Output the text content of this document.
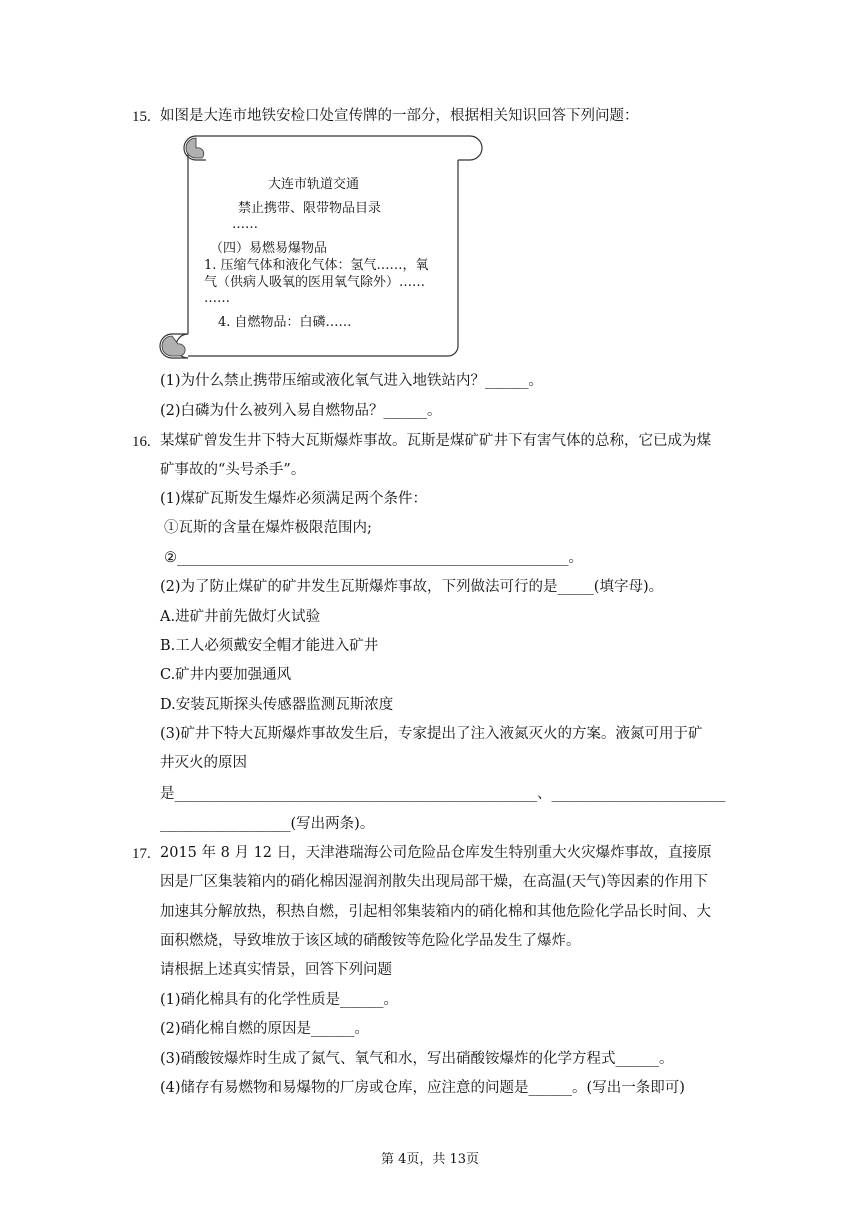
15. 如图是大连市地铁安检口处宣传牌的一部分，根据相关知识回答下列问题：
大连市轨道交通
禁止携带、限带物品目录
……
（四）易燃易爆物品
1. 压缩气体和液化气体：氢气……，氧
气（供病人吸氧的医用氧气除外）……
……
4. 自燃物品：白磷……
(1)为什么禁止携带压缩或液化氧气进入地铁站内？______。
(2)白磷为什么被列入易自燃物品？______。
16. 某煤矿曾发生井下特大瓦斯爆炸事故。瓦斯是煤矿矿井下有害气体的总称，它已成为煤
矿事故的“头号杀手”。
(1)煤矿瓦斯发生爆炸必须满足两个条件：
①瓦斯的含量在爆炸极限范围内;
②______________________________________________________。
(2)为了防止煤矿的矿井发生瓦斯爆炸事故，下列做法可行的是_____(填字母)。
A.进矿井前先做灯火试验
B.工人必须戴安全帽才能进入矿井
C.矿井内要加强通风
D.安装瓦斯探头传感器监测瓦斯浓度
(3)矿井下特大瓦斯爆炸事故发生后，专家提出了注入液氮灭火的方案。液氮可用于矿
井灭火的原因
是__________________________________________________、________________________
__________________(写出两条)。
17. 2015 年 8 月 12 日，天津港瑞海公司危险品仓库发生特别重大火灾爆炸事故，直接原
因是厂区集装箱内的硝化棉因湿润剂散失出现局部干燥，在高温(天气)等因素的作用下
加速其分解放热，积热自燃，引起相邻集装箱内的硝化棉和其他危险化学品长时间、大
面积燃烧，导致堆放于该区域的硝酸铵等危险化学品发生了爆炸。
请根据上述真实情景，回答下列问题
(1)硝化棉具有的化学性质是______。
(2)硝化棉自燃的原因是______。
(3)硝酸铵爆炸时生成了氮气、氧气和水，写出硝酸铵爆炸的化学方程式______。
(4)储存有易燃物和易爆物的厂房或仓库，应注意的问题是______。(写出一条即可)
第 4页，共 13页
